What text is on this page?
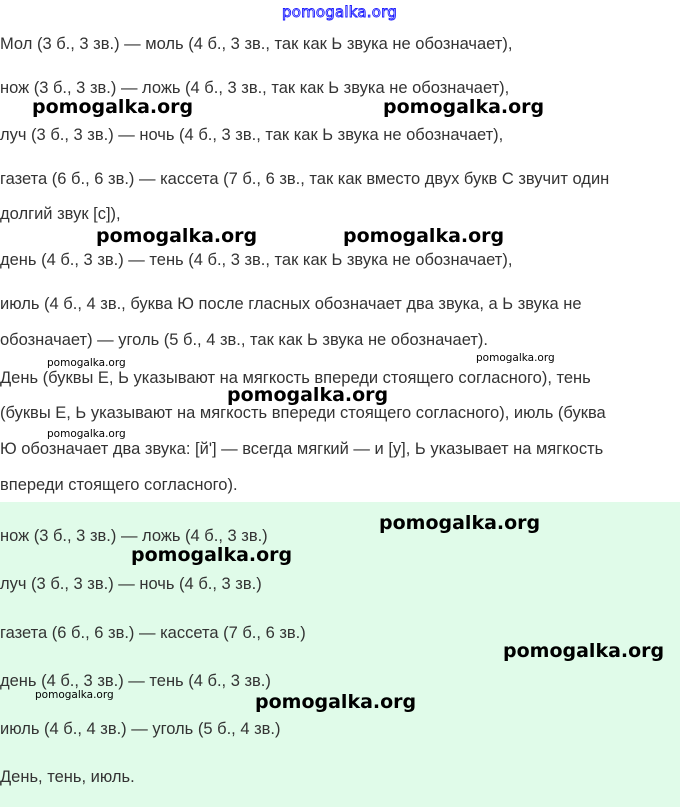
pomogalka.org
Мол (3 б., 3 зв.) — моль (4 б., 3 зв., так как Ь звука не обозначает),
нож (3 б., 3 зв.) — ложь (4 б., 3 зв., так как Ь звука не обозначает),
луч (3 б., 3 зв.) — ночь (4 б., 3 зв., так как Ь звука не обозначает),
газета (6 б., 6 зв.) — кассета (7 б., 6 зв., так как вместо двух букв С звучит один
долгий звук [с]),
день (4 б., 3 зв.) — тень (4 б., 3 зв., так как Ь звука не обозначает),
июль (4 б., 4 зв., буква Ю после гласных обозначает два звука, а Ь звука не
обозначает) — уголь (5 б., 4 зв., так как Ь звука не обозначает).
День (буквы Е, Ь указывают на мягкость впереди стоящего согласного), тень
(буквы Е, Ь указывают на мягкость впереди стоящего согласного), июль (буква
Ю обозначает два звука: [й'] — всегда мягкий — и [у], Ь указывает на мягкость
впереди стоящего согласного).
нож (3 б., 3 зв.) — ложь (4 б., 3 зв.)
луч (3 б., 3 зв.) — ночь (4 б., 3 зв.)
газета (6 б., 6 зв.) — кассета (7 б., 6 зв.)
день (4 б., 3 зв.) — тень (4 б., 3 зв.)
июль (4 б., 4 зв.) — уголь (5 б., 4 зв.)
День, тень, июль.
pomogalka.org	pomogalka.org
pomogalka.org	pomogalka.org
pomogalka.org	pomogalka.org
pomogalka.org
pomogalka.org
pomogalka.org
pomogalka.org
pomogalka.org
pomogalka.org	pomogalka.org
